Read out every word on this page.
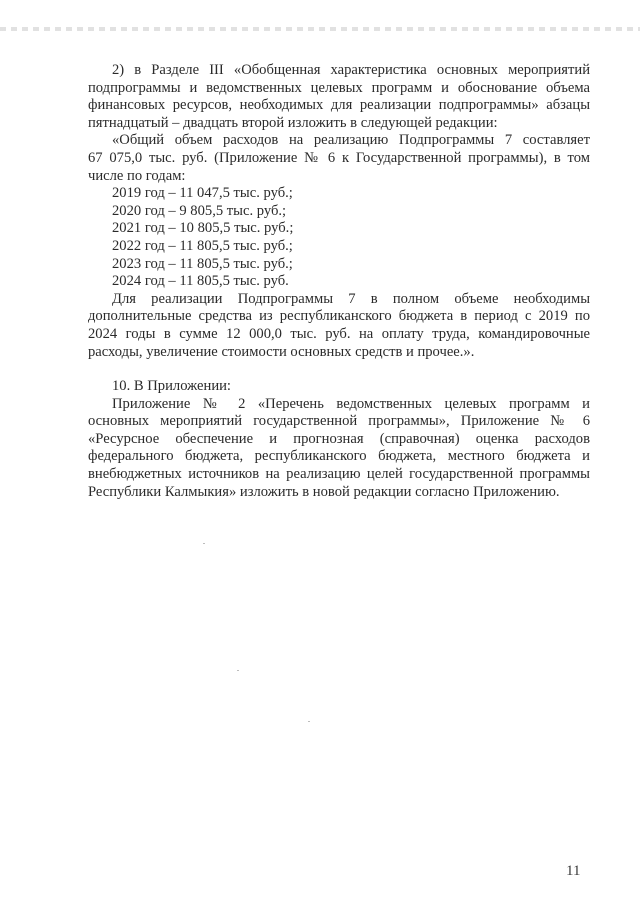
2) в Разделе III «Обобщенная характеристика основных мероприятий

подпрограммы и ведомственных целевых программ и обоснование объема

финансовых ресурсов, необходимых для реализации подпрограммы» абзацы

пятнадцатый – двадцать второй изложить в следующей редакции:

«Общий объем расходов на реализацию Подпрограммы 7 составляет

67 075,0 тыс. руб. (Приложение № 6 к Государственной программы), в том

числе по годам:

2019 год – 11 047,5 тыс. руб.;

2020 год – 9 805,5 тыс. руб.;

2021 год – 10 805,5 тыс. руб.;

2022 год – 11 805,5 тыс. руб.;

2023 год – 11 805,5 тыс. руб.;

2024 год – 11 805,5 тыс. руб.

Для реализации Подпрограммы 7 в полном объеме необходимы

дополнительные средства из республиканского бюджета в период с 2019 по

2024 годы в сумме 12 000,0 тыс. руб. на оплату труда, командировочные

расходы, увеличение стоимости основных средств и прочее.».

10. В Приложении:

Приложение № 2 «Перечень ведомственных целевых программ и

основных мероприятий государственной программы», Приложение № 6

«Ресурсное обеспечение и прогнозная (справочная) оценка расходов

федерального бюджета, республиканского бюджета, местного бюджета и

внебюджетных источников на реализацию целей государственной программы

Республики Калмыкия» изложить в новой редакции согласно Приложению.

11
